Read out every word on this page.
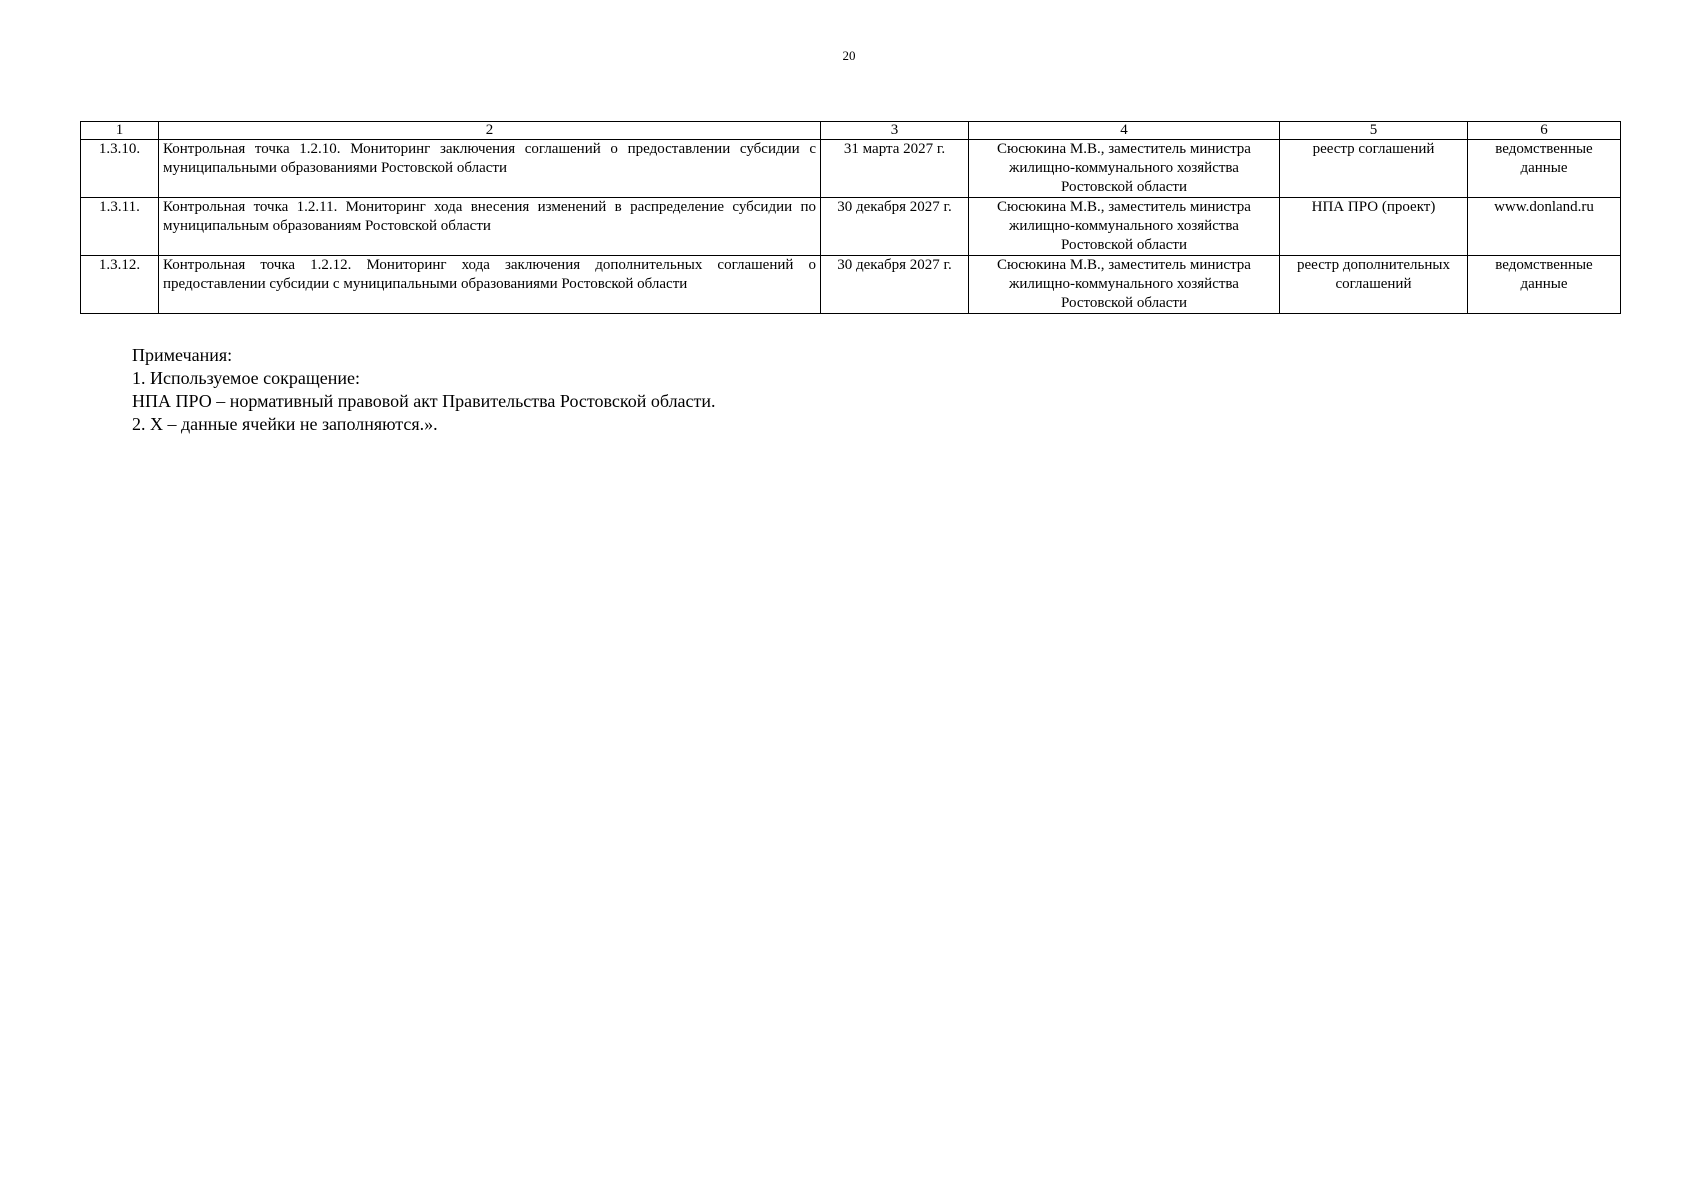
20
1	2	3	4	5	6
1.3.10.	Контрольная точка 1.2.10. Мониторинг заключения соглашений о предоставлении субсидии с муниципальными образованиями Ростовской области	31 марта 2027 г.	Сюсюкина М.В., заместитель министра жилищно-коммунального хозяйства Ростовской области	реестр соглашений	ведомственные данные
1.3.11.	Контрольная точка 1.2.11. Мониторинг хода внесения изменений в распределение субсидии по муниципальным образованиям Ростовской области	30 декабря 2027 г.	Сюсюкина М.В., заместитель министра жилищно-коммунального хозяйства Ростовской области	НПА ПРО (проект)	www.donland.ru
1.3.12.	Контрольная точка 1.2.12. Мониторинг хода заключения дополнительных соглашений о предоставлении субсидии с муниципальными образованиями Ростовской области	30 декабря 2027 г.	Сюсюкина М.В., заместитель министра жилищно-коммунального хозяйства Ростовской области	реестр дополнительных соглашений	ведомственные данные
Примечания:
1. Используемое сокращение:
НПА ПРО – нормативный правовой акт Правительства Ростовской области.
2. Х – данные ячейки не заполняются.».
